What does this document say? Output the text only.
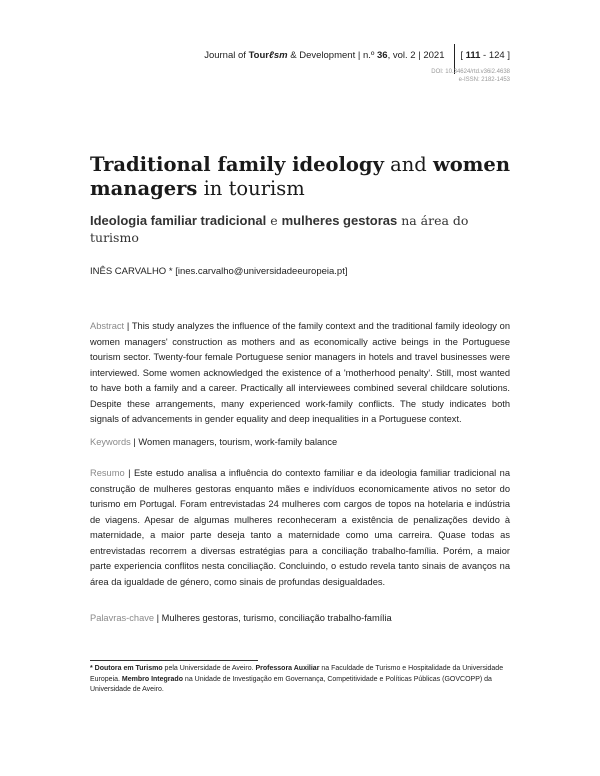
Journal of Tourℓsm & Development | n.º 36, vol. 2 | 2021 [ 111 - 124 ]
DOI: 10.34624/rtd.v36i2.4638
e-ISSN: 2182-1453
Traditional family ideology and women managers in tourism
Ideologia familiar tradicional e mulheres gestoras na área do turismo
INÊS CARVALHO * [ines.carvalho@universidadeeuropeia.pt]

Abstract | This study analyzes the influence of the family context and the traditional family ideology on women managers' construction as mothers and as economically active beings in the Portuguese tourism sector. Twenty-four female Portuguese senior managers in hotels and travel businesses were interviewed. Some women acknowledged the existence of a 'motherhood penalty'. Still, most wanted to have both a family and a career. Practically all interviewees combined several childcare solutions. Despite these arrangements, many experienced work-family conflicts. The study indicates both signals of advancements in gender equality and deep inequalities in a Portuguese context.

Keywords | Women managers, tourism, work-family balance

Resumo | Este estudo analisa a influência do contexto familiar e da ideologia familiar tradicional na construção de mulheres gestoras enquanto mães e indivíduos economicamente ativos no setor do turismo em Portugal. Foram entrevistadas 24 mulheres com cargos de topos na hotelaria e indústria de viagens. Apesar de algumas mulheres reconheceram a existência de penalizações devido à maternidade, a maior parte deseja tanto a maternidade como uma carreira. Quase todas as entrevistadas recorrem a diversas estratégias para a conciliação trabalho-família. Porém, a maior parte experiencia conflitos nesta conciliação. Concluindo, o estudo revela tanto sinais de avanços na área da igualdade de género, como sinais de profundas desigualdades.

Palavras-chave | Mulheres gestoras, turismo, conciliação trabalho-família

* Doutora em Turismo pela Universidade de Aveiro. Professora Auxiliar na Faculdade de Turismo e Hospitalidade da Universidade Europeia. Membro Integrado na Unidade de Investigação em Governança, Competitividade e Políticas Públicas (GOVCOPP) da Universidade de Aveiro.
